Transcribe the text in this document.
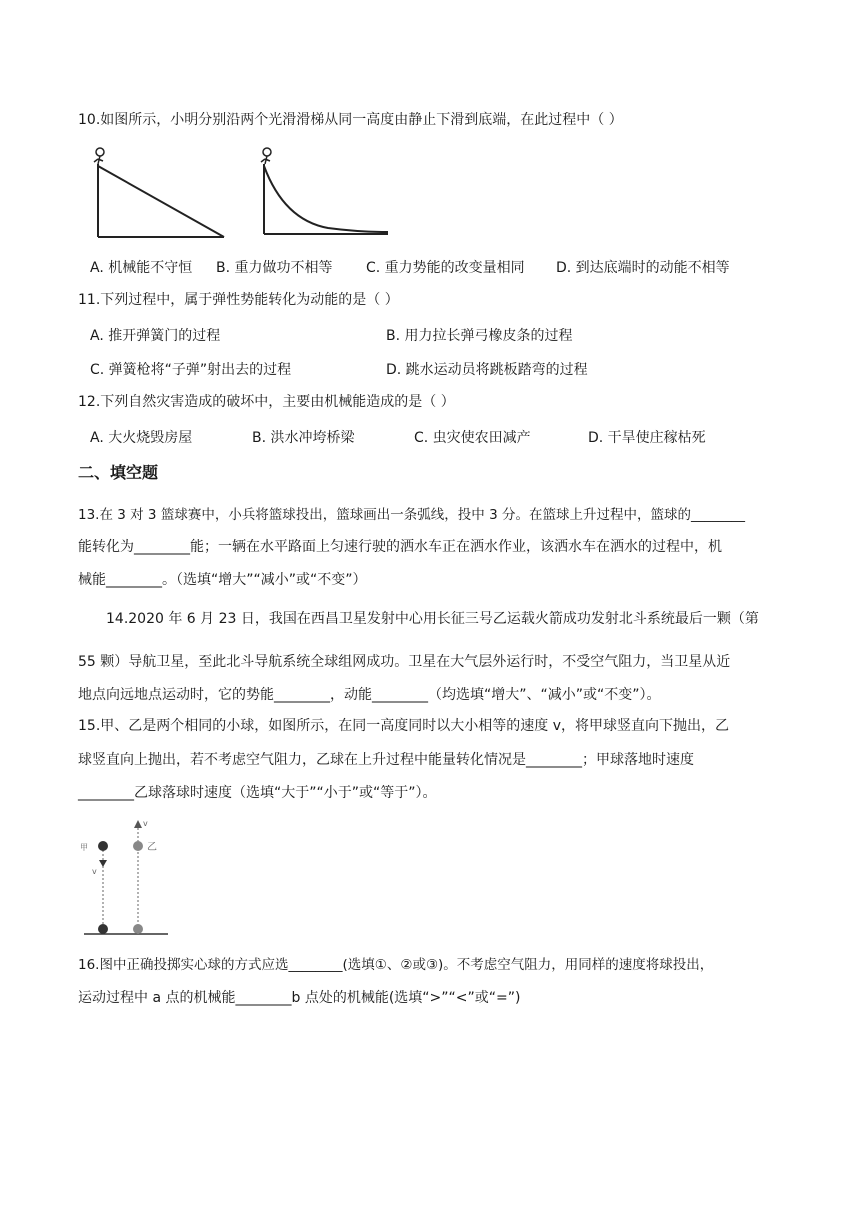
10.如图所示，小明分别沿两个光滑滑梯从同一高度由静止下滑到底端，在此过程中（ ）
A. 机械能不守恒 B. 重力做功不相等 C. 重力势能的改变量相同 D. 到达底端时的动能不相等
11.下列过程中，属于弹性势能转化为动能的是（ ）
A. 推开弹簧门的过程	B. 用力拉长弹弓橡皮条的过程
C. 弹簧枪将“子弹”射出去的过程	D. 跳水运动员将跳板踏弯的过程
12.下列自然灾害造成的破坏中，主要由机械能造成的是（ ）
A. 大火烧毁房屋	B. 洪水冲垮桥梁	C. 虫灾使农田减产	D. 干旱使庄稼枯死
二、填空题
13.在 3 对 3 篮球赛中，小兵将篮球投出，篮球画出一条弧线，投中 3 分。在篮球上升过程中，篮球的________
能转化为________能；一辆在水平路面上匀速行驶的洒水车正在洒水作业，该洒水车在洒水的过程中，机
械能________。（选填“增大”“减小”或“不变”）
14.2020 年 6 月 23 日，我国在西昌卫星发射中心用长征三号乙运载火箭成功发射北斗系统最后一颗（第
55 颗）导航卫星，至此北斗导航系统全球组网成功。卫星在大气层外运行时，不受空气阻力，当卫星从近
地点向远地点运动时，它的势能________，动能________（均选填“增大”、“减小”或“不变”）。
15.甲、乙是两个相同的小球，如图所示，在同一高度同时以大小相等的速度 v，将甲球竖直向下抛出，乙
球竖直向上抛出，若不考虑空气阻力，乙球在上升过程中能量转化情况是________；甲球落地时速度
________乙球落球时速度（选填“大于”“小于”或“等于”）。
甲	乙
v
v
16.图中正确投掷实心球的方式应选________(选填①、②或③)。不考虑空气阻力，用同样的速度将球投出，
运动过程中 a 点的机械能________b 点处的机械能(选填“>”“<”或“=”)
